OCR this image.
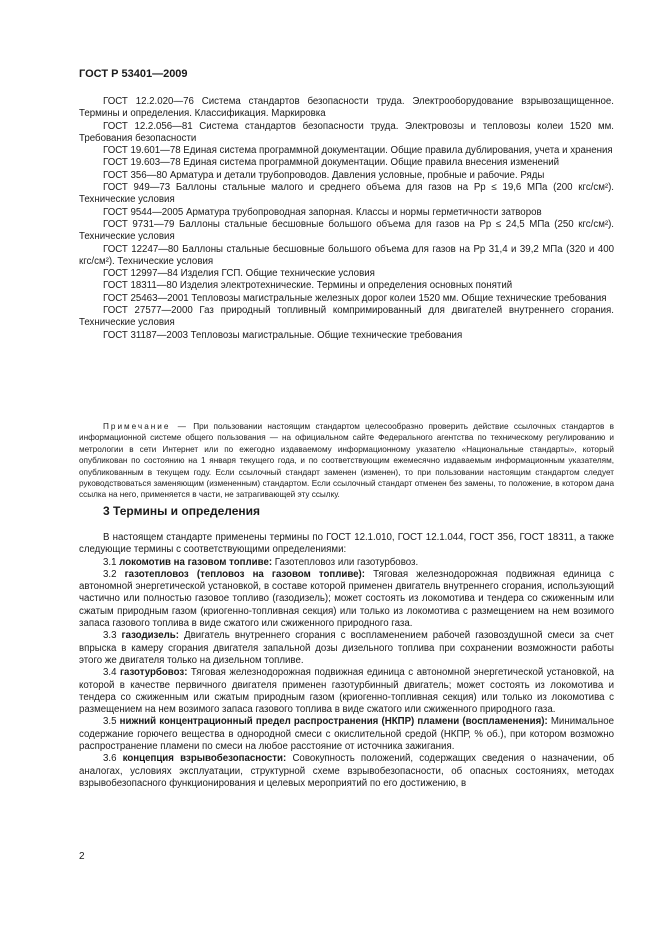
ГОСТ Р 53401—2009

ГОСТ 12.2.020—76 Система стандартов безопасности труда. Электрооборудование взрывозащищенное. Термины и определения. Классификация. Маркировка

ГОСТ 12.2.056—81 Система стандартов безопасности труда. Электровозы и тепловозы колеи 1520 мм. Требования безопасности

ГОСТ 19.601—78 Единая система программной документации. Общие правила дублирования, учета и хранения

ГОСТ 19.603—78 Единая система программной документации. Общие правила внесения изменений

ГОСТ 356—80 Арматура и детали трубопроводов. Давления условные, пробные и рабочие. Ряды

ГОСТ 949—73 Баллоны стальные малого и среднего объема для газов на Pp ≤ 19,6 МПа (200 кгс/см²). Технические условия

ГОСТ 9544—2005 Арматура трубопроводная запорная. Классы и нормы герметичности затворов

ГОСТ 9731—79 Баллоны стальные бесшовные большого объема для газов на Pp ≤ 24,5 МПа (250 кгс/см²). Технические условия

ГОСТ 12247—80 Баллоны стальные бесшовные большого объема для газов на Pp 31,4 и 39,2 МПа (320 и 400 кгс/см²). Технические условия

ГОСТ 12997—84 Изделия ГСП. Общие технические условия

ГОСТ 18311—80 Изделия электротехнические. Термины и определения основных понятий

ГОСТ 25463—2001 Тепловозы магистральные железных дорог колеи 1520 мм. Общие технические требования

ГОСТ 27577—2000 Газ природный топливный компримированный для двигателей внутреннего сгорания. Технические условия

ГОСТ 31187—2003 Тепловозы магистральные. Общие технические требования

Примечание — При пользовании настоящим стандартом целесообразно проверить действие ссылочных стандартов в информационной системе общего пользования — на официальном сайте Федерального агентства по техническому регулированию и метрологии в сети Интернет или по ежегодно издаваемому информационному указателю «Национальные стандарты», который опубликован по состоянию на 1 января текущего года, и по соответствующим ежемесячно издаваемым информационным указателям, опубликованным в текущем году. Если ссылочный стандарт заменен (изменен), то при пользовании настоящим стандартом следует руководствоваться заменяющим (измененным) стандартом. Если ссылочный стандарт отменен без замены, то положение, в котором дана ссылка на него, применяется в части, не затрагивающей эту ссылку.

3 Термины и определения

В настоящем стандарте применены термины по ГОСТ 12.1.010, ГОСТ 12.1.044, ГОСТ 356, ГОСТ 18311, а также следующие термины с соответствующими определениями:

3.1 локомотив на газовом топливе: Газотепловоз или газотурбовоз.

3.2 газотепловоз (тепловоз на газовом топливе): Тяговая железнодорожная подвижная единица с автономной энергетической установкой, в составе которой применен двигатель внутреннего сгорания, использующий частично или полностью газовое топливо (газодизель); может состоять из локомотива и тендера со сжиженным или сжатым природным газом (криогенно-топливная секция) или только из локомотива с размещением на нем возимого запаса газового топлива в виде сжатого или сжиженного природного газа.

3.3 газодизель: Двигатель внутреннего сгорания с воспламенением рабочей газовоздушной смеси за счет впрыска в камеру сгорания двигателя запальной дозы дизельного топлива при сохранении возможности работы этого же двигателя только на дизельном топливе.

3.4 газотурбовоз: Тяговая железнодорожная подвижная единица с автономной энергетической установкой, на которой в качестве первичного двигателя применен газотурбинный двигатель; может состоять из локомотива и тендера со сжиженным или сжатым природным газом (криогенно-топливная секция) или только из локомотива с размещением на нем возимого запаса газового топлива в виде сжатого или сжиженного природного газа.

3.5 нижний концентрационный предел распространения (НКПР) пламени (воспламенения): Минимальное содержание горючего вещества в однородной смеси с окислительной средой (НКПР, % об.), при котором возможно распространение пламени по смеси на любое расстояние от источника зажигания.

3.6 концепция взрывобезопасности: Совокупность положений, содержащих сведения о назначении, об аналогах, условиях эксплуатации, структурной схеме взрывобезопасности, об опасных состояниях, методах взрывобезопасного функционирования и целевых мероприятий по его достижению, в

2
